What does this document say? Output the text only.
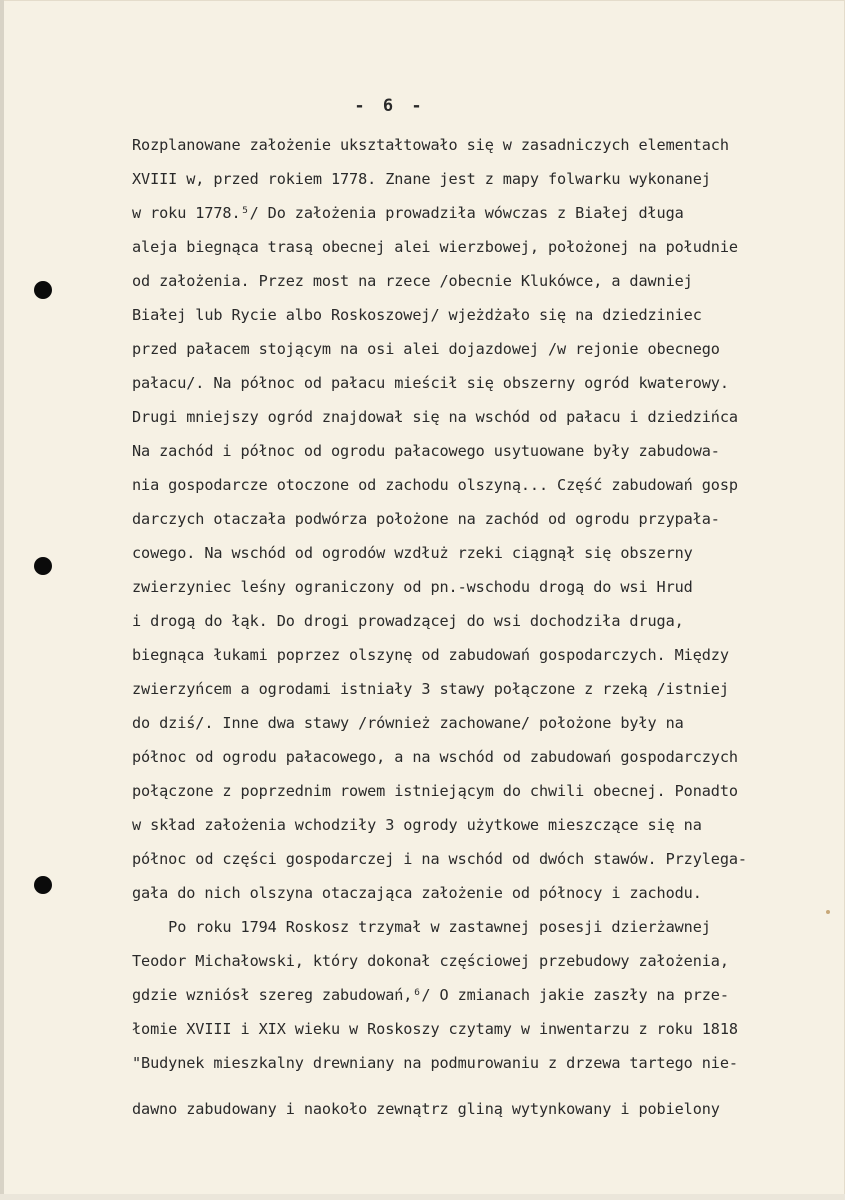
- 6 -
Rozplanowane założenie ukształtowało się w zasadniczych elementach
XVIII w, przed rokiem 1778. Znane jest z mapy folwarku wykonanej
w roku 1778.⁵/ Do założenia prowadziła wówczas z Białej długa
aleja biegnąca trasą obecnej alei wierzbowej, położonej na południe
od założenia. Przez most na rzece /obecnie Klukówce, a dawniej
Białej lub Rycie albo Roskoszowej/ wjeżdżało się na dziedziniec
przed pałacem stojącym na osi alei dojazdowej /w rejonie obecnego
pałacu/. Na północ od pałacu mieścił się obszerny ogród kwaterowy.
Drugi mniejszy ogród znajdował się na wschód od pałacu i dziedzińca
Na zachód i północ od ogrodu pałacowego usytuowane były zabudowa-
nia gospodarcze otoczone od zachodu olszyną... Część zabudowań gosp
darczych otaczała podwórza położone na zachód od ogrodu przypała-
cowego. Na wschód od ogrodów wzdłuż rzeki ciągnął się obszerny
zwierzyniec leśny ograniczony od pn.-wschodu drogą do wsi Hrud
i drogą do łąk. Do drogi prowadzącej do wsi dochodziła druga,
biegnąca łukami poprzez olszynę od zabudowań gospodarczych. Między
zwierzyńcem a ogrodami istniały 3 stawy połączone z rzeką /istniej
do dziś/. Inne dwa stawy /również zachowane/ położone były na
północ od ogrodu pałacowego, a na wschód od zabudowań gospodarczych
połączone z poprzednim rowem istniejącym do chwili obecnej. Ponadto
w skład założenia wchodziły 3 ogrody użytkowe mieszczące się na
północ od części gospodarczej i na wschód od dwóch stawów. Przylega-
gała do nich olszyna otaczająca założenie od północy i zachodu.
Po roku 1794 Roskosz trzymał w zastawnej posesji dzierżawnej
Teodor Michałowski, który dokonał częściowej przebudowy założenia,
gdzie wzniósł szereg zabudowań,⁶/ O zmianach jakie zaszły na prze-
łomie XVIII i XIX wieku w Roskoszy czytamy w inwentarzu z roku 1818
"Budynek mieszkalny drewniany na podmurowaniu z drzewa tartego nie-
dawno zabudowany i naokoło zewnątrz gliną wytynkowany i pobielony
